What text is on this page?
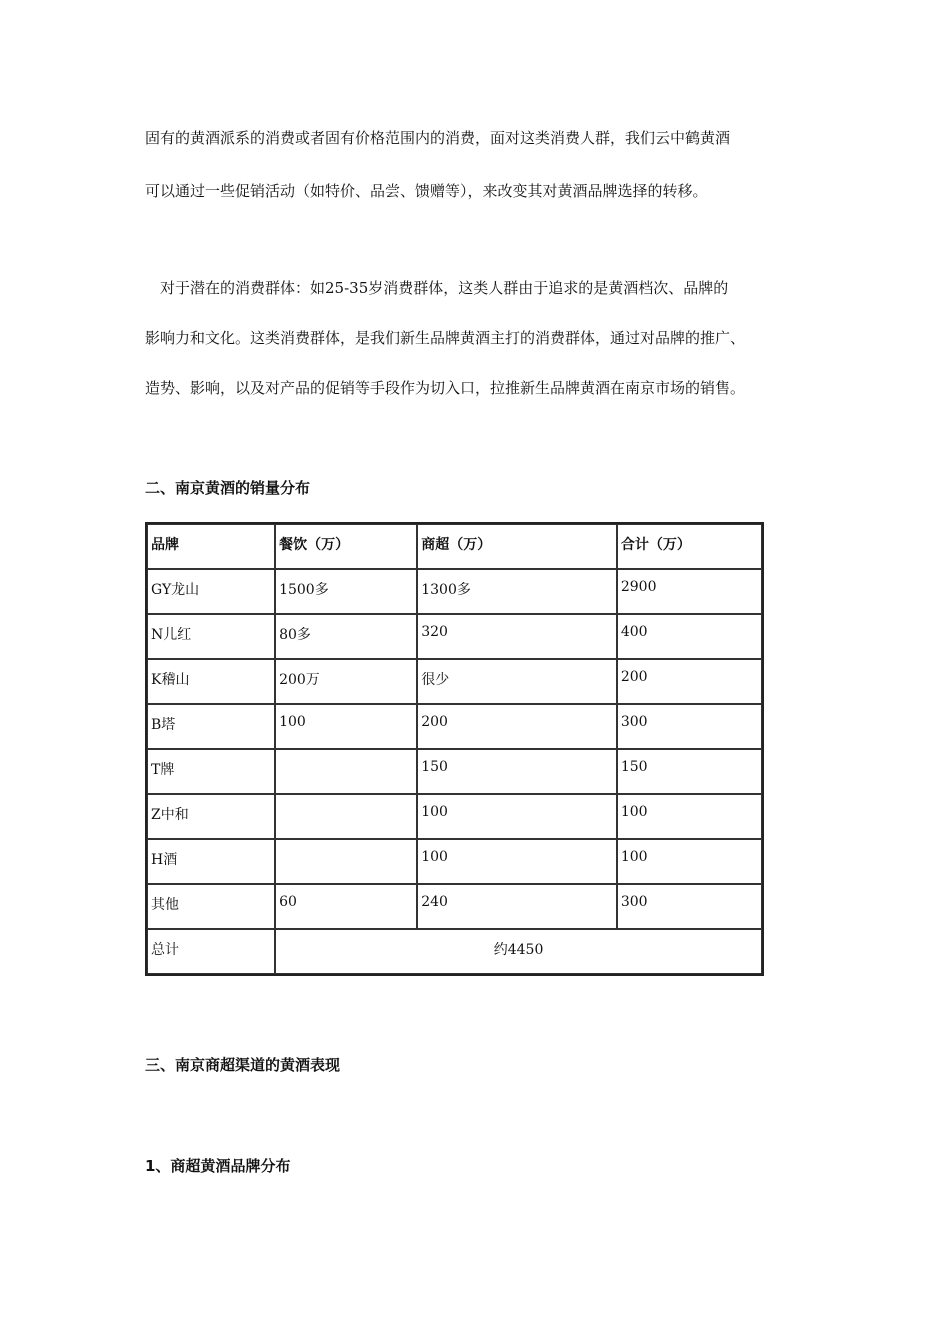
固有的黄酒派系的消费或者固有价格范围内的消费，面对这类消费人群，我们云中鹤黄酒

可以通过一些促销活动（如特价、品尝、馈赠等），来改变其对黄酒品牌选择的转移。

　对于潜在的消费群体：如25-35岁消费群体，这类人群由于追求的是黄酒档次、品牌的

影响力和文化。这类消费群体，是我们新生品牌黄酒主打的消费群体，通过对品牌的推广、

造势、影响，以及对产品的促销等手段作为切入口，拉推新生品牌黄酒在南京市场的销售。

二、南京黄酒的销量分布
品牌	餐饮（万）	商超（万）	合计（万）

GY龙山	1500多	1300多	2900

N儿红	80多	320	400

K稽山	200万	很少	200

B塔	100	200	300

T牌		150	150

Z中和		100	100

H酒		100	100

其他	60	240	300

总计	约4450		
三、南京商超渠道的黄酒表现
1、商超黄酒品牌分布
